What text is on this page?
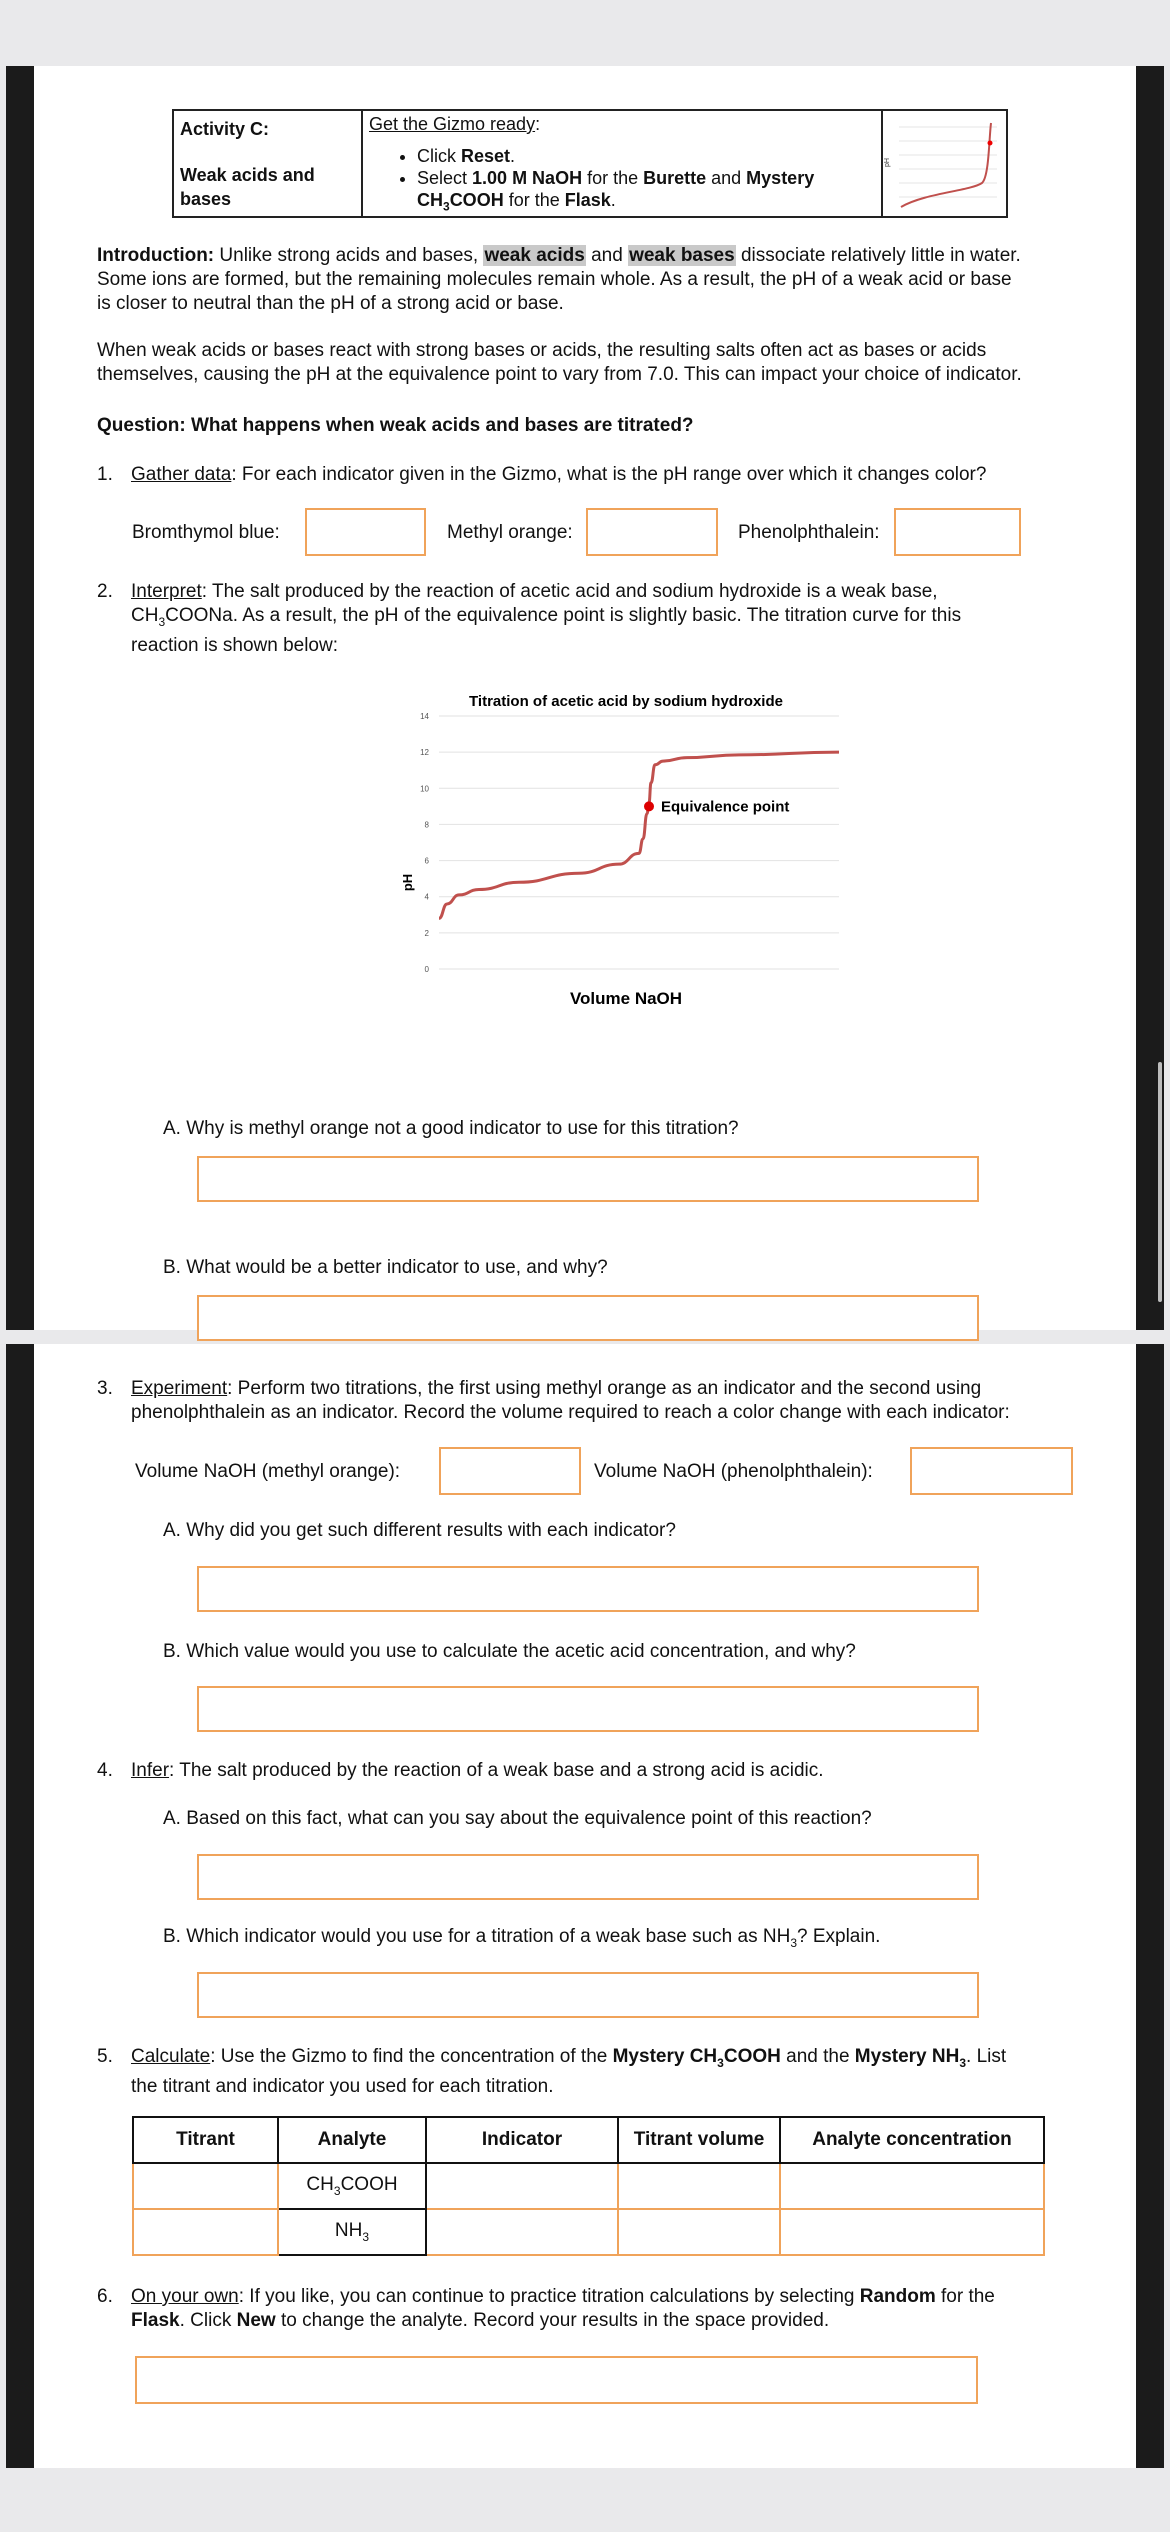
Activity C:
Weak acids and
bases
Get the Gizmo ready:
• Click Reset.
• Select 1.00 M NaOH for the Burette and Mystery
$CH_3COOH$ for the Flask.
pH
Introduction: Unlike strong acids and bases, weak acids and weak bases dissociate relatively little in water.
Some ions are formed, but the remaining molecules remain whole. As a result, the pH of a weak acid or base
is closer to neutral than the pH of a strong acid or base.
When weak acids or bases react with strong bases or acids, the resulting salts often act as bases or acids
themselves, causing the pH at the equivalence point to vary from 7.0. This can impact your choice of indicator.
Question: What happens when weak acids and bases are titrated?
1. Gather data: For each indicator given in the Gizmo, what is the pH range over which it changes color?
Bromthymol blue:	Methyl orange:	Phenolphthalein:
2. Interpret: The salt produced by the reaction of acetic acid and sodium hydroxide is a weak base,
$CH_3COONa$. As a result, the pH of the equivalence point is slightly basic. The titration curve for this
reaction is shown below:
Titration of acetic acid by sodium hydroxide
0
2
4
6
8
10
12
14
pH
Equivalence point
Volume NaOH
A. Why is methyl orange not a good indicator to use for this titration?
B. What would be a better indicator to use, and why?
3. Experiment: Perform two titrations, the first using methyl orange as an indicator and the second using
phenolphthalein as an indicator. Record the volume required to reach a color change with each indicator:
Volume NaOH (methyl orange):	Volume NaOH (phenolphthalein):
A. Why did you get such different results with each indicator?
B. Which value would you use to calculate the acetic acid concentration, and why?
4. Infer: The salt produced by the reaction of a weak base and a strong acid is acidic.
A. Based on this fact, what can you say about the equivalence point of this reaction?
B. Which indicator would you use for a titration of a weak base such as $NH_3$? Explain.
5. Calculate: Use the Gizmo to find the concentration of the Mystery $CH_3COOH$ and the Mystery $NH_3$. List
the titrant and indicator you used for each titration.
Titrant	Analyte	Indicator	Titrant volume	Analyte concentration
	$CH_3COOH$			
	$NH_3$			
6. On your own: If you like, you can continue to practice titration calculations by selecting Random for the
Flask. Click New to change the analyte. Record your results in the space provided.
